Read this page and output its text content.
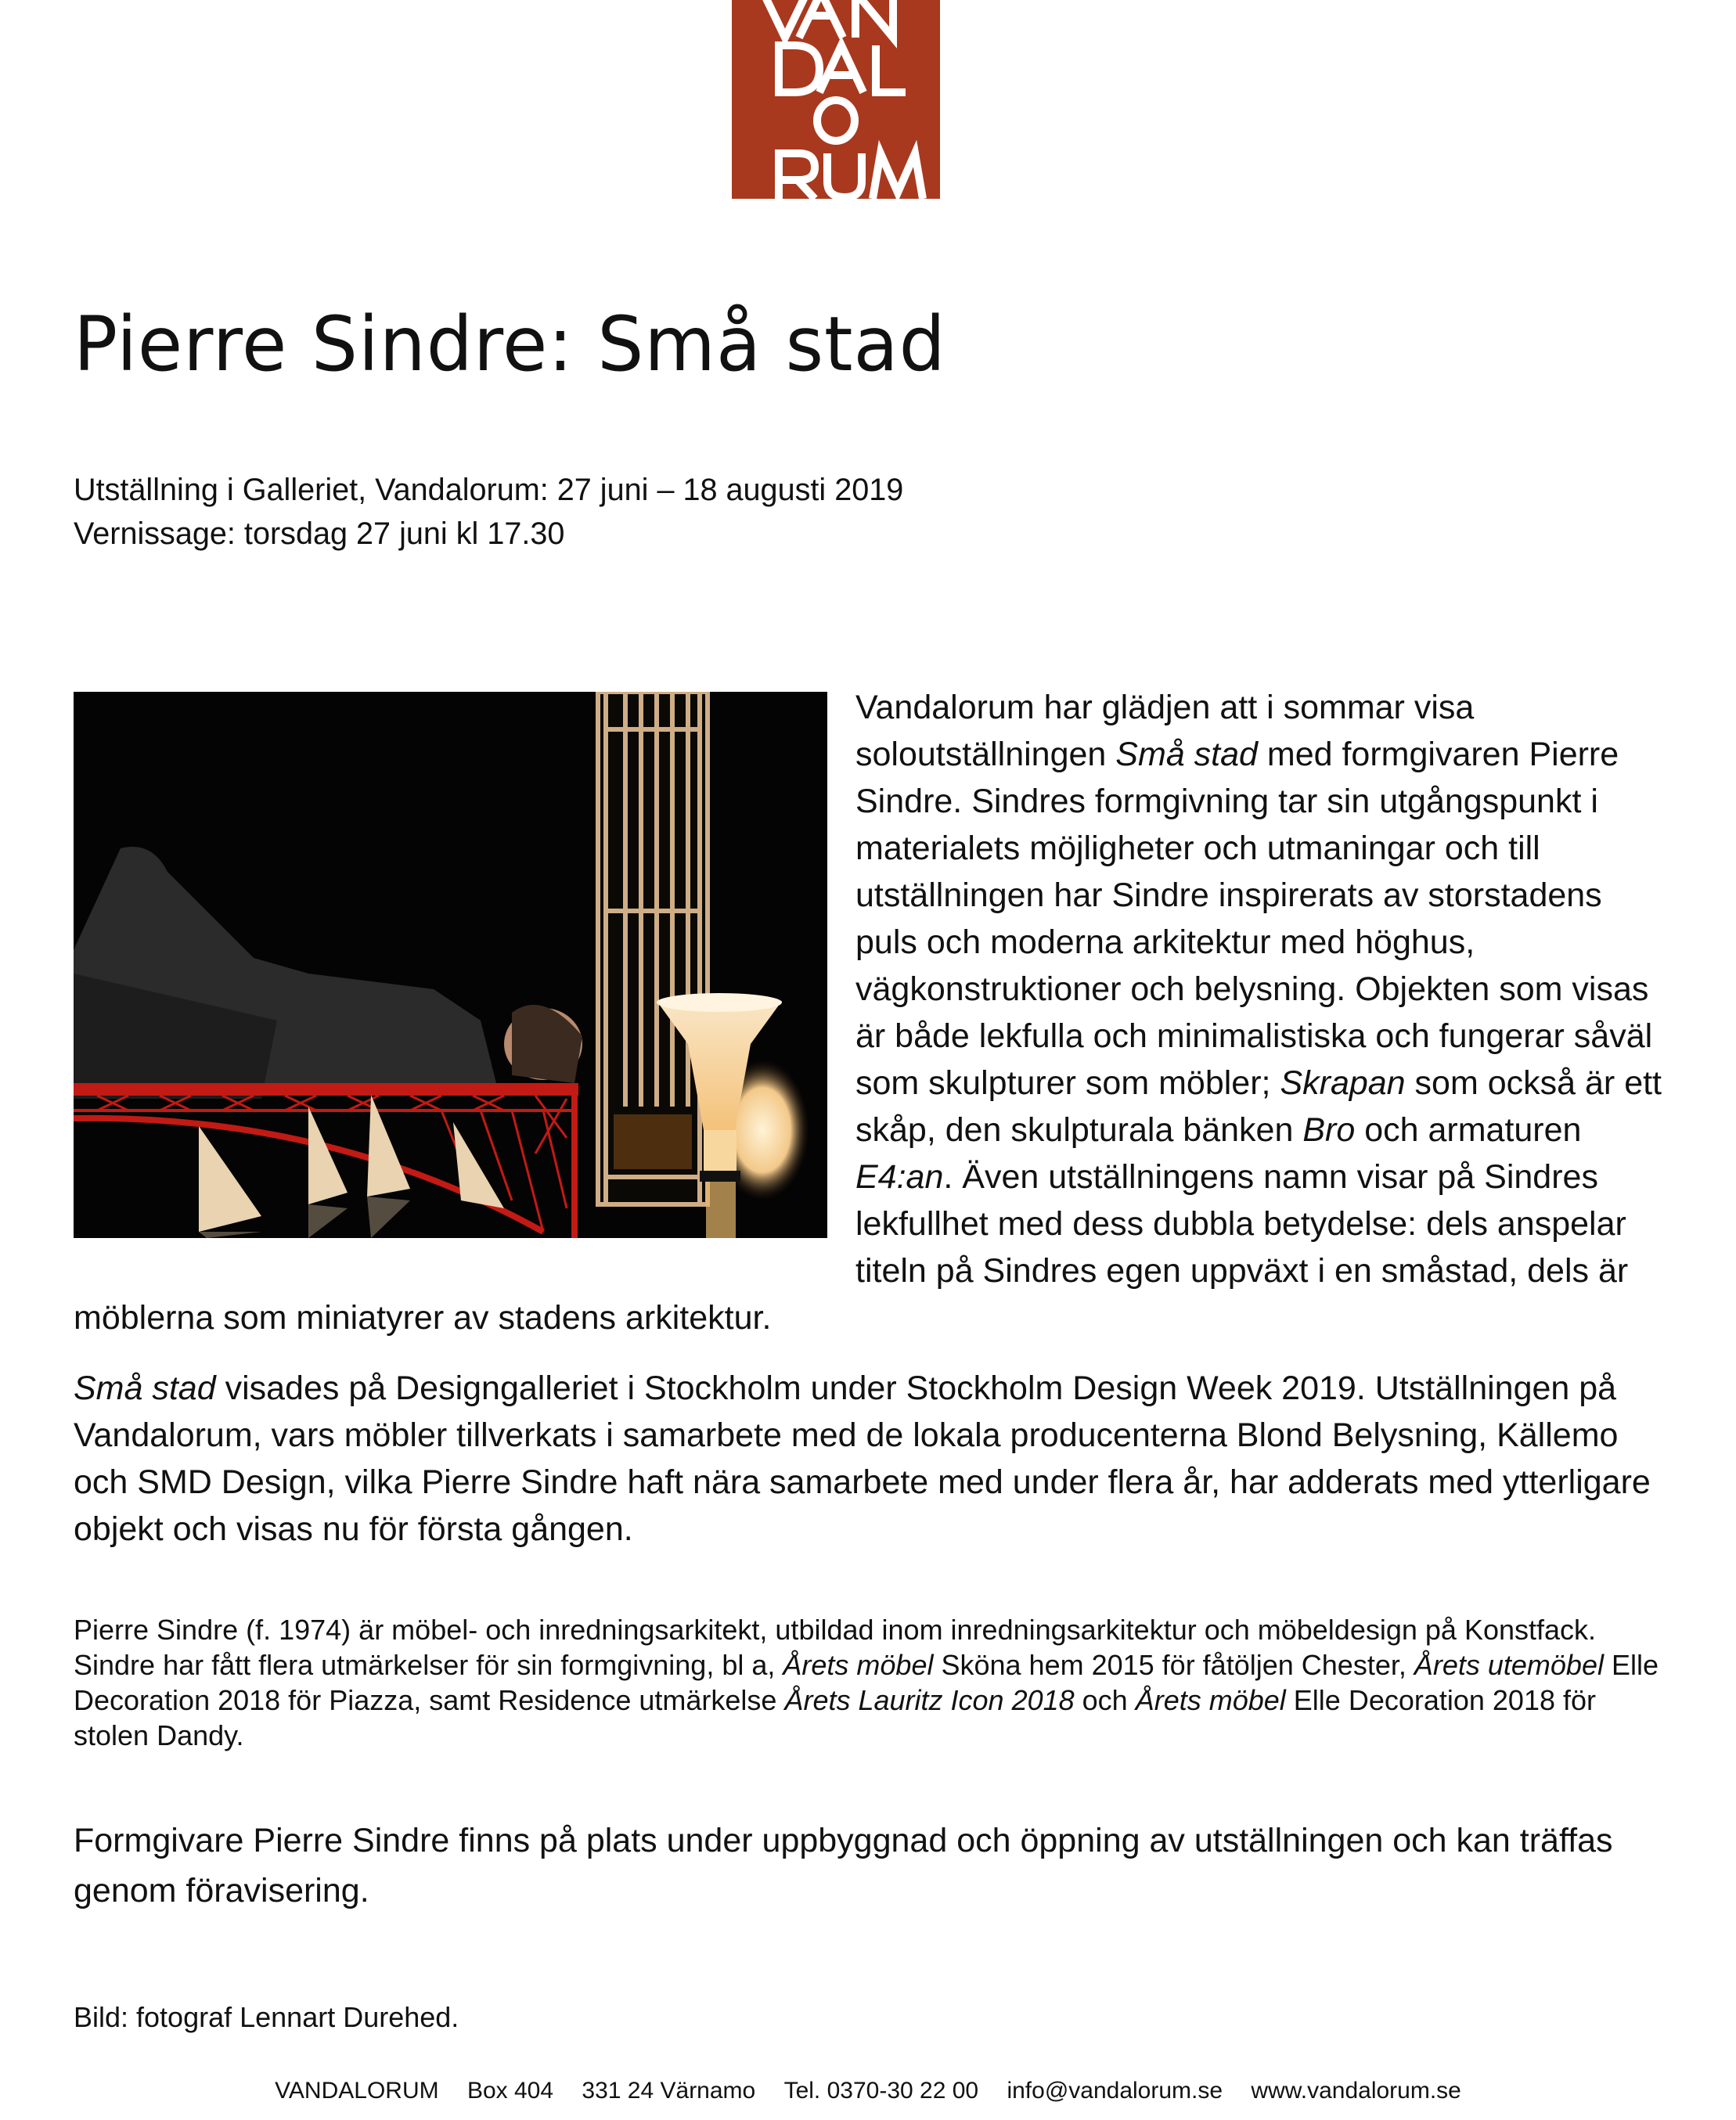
Pierre Sindre: Små stad
Utställning i Galleriet, Vandalorum: 27 juni – 18 augusti 2019
Vernissage: torsdag 27 juni kl 17.30

Vandalorum har glädjen att i sommar visa soloutställningen Små stad med formgivaren Pierre Sindre. Sindres formgivning tar sin utgångspunkt i materialets möjligheter och utmaningar och till utställningen har Sindre inspirerats av storstadens puls och moderna arkitektur med höghus, vägkonstruktioner och belysning. Objekten som visas är både lekfulla och minimalistiska och fungerar såväl som skulpturer som möbler; Skrapan som också är ett skåp, den skulpturala bänken Bro och armaturen E4:an. Även utställningens namn visar på Sindres lekfullhet med dess dubbla betydelse: dels anspelar titeln på Sindres egen uppväxt i en småstad, dels är möblerna som miniatyrer av stadens arkitektur.

Små stad visades på Designgalleriet i Stockholm under Stockholm Design Week 2019. Utställningen på Vandalorum, vars möbler tillverkats i samarbete med de lokala producenterna Blond Belysning, Källemo och SMD Design, vilka Pierre Sindre haft nära samarbete med under flera år, har adderats med ytterligare objekt och visas nu för första gången.

Pierre Sindre (f. 1974) är möbel- och inredningsarkitekt, utbildad inom inredningsarkitektur och möbeldesign på Konstfack. Sindre har fått flera utmärkelser för sin formgivning, bl a, Årets möbel Sköna hem 2015 för fåtöljen Chester, Årets utemöbel Elle Decoration 2018 för Piazza, samt Residence utmärkelse Årets Lauritz Icon 2018 och Årets möbel Elle Decoration 2018 för stolen Dandy.

Formgivare Pierre Sindre finns på plats under uppbyggnad och öppning av utställningen och kan träffas genom föravisering.

Bild: fotograf Lennart Durehed.

VANDALORUM Box 404 331 24 Värnamo Tel. 0370-30 22 00 info@vandalorum.se www.vandalorum.se
